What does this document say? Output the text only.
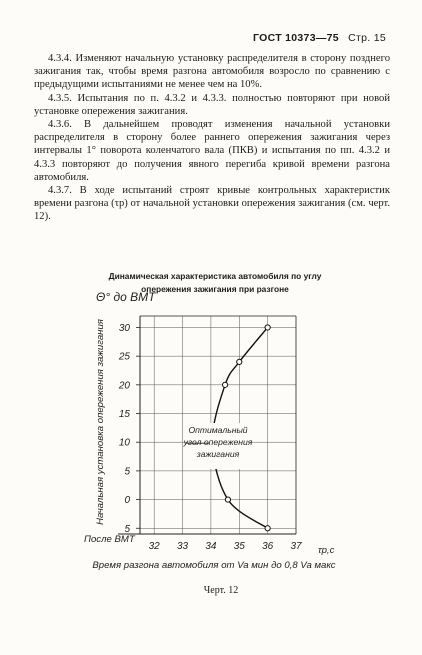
ГОСТ 10373—75 Стр. 15

4.3.4. Изменяют начальную установку распределителя в сторону позднего зажигания так, чтобы время разгона автомобиля возросло по сравнению с предыдущими испытаниями не менее чем на 10%.

4.3.5. Испытания по п. 4.3.2 и 4.3.3. полностью повторяют при новой установке опережения зажигания.

4.3.6. В дальнейшем проводят изменения начальной установки распределителя в сторону более раннего опережения зажигания через интервалы 1° поворота коленчатого вала (ПКВ) и испытания по пп. 4.3.2 и 4.3.3 повторяют до получения явного перегиба кривой времени разгона автомобиля.

4.3.7. В ходе испытаний строят кривые контрольных характеристик времени разгона (τр) от начальной установки опережения зажигания (см. черт. 12).

Динамическая характеристика автомобиля по углу
опережения зажигания при разгоне
32 33 34 35 36 37
30
25
20
15
10
5
0
5
Оптимальный
угол опережения
зажигания
Θ° до ВМТ
Начальная установка опережения зажигания
После ВМТ
τр,с
Время разгона автомобиля от Va мин до 0,8 Va макс
Черт. 12
